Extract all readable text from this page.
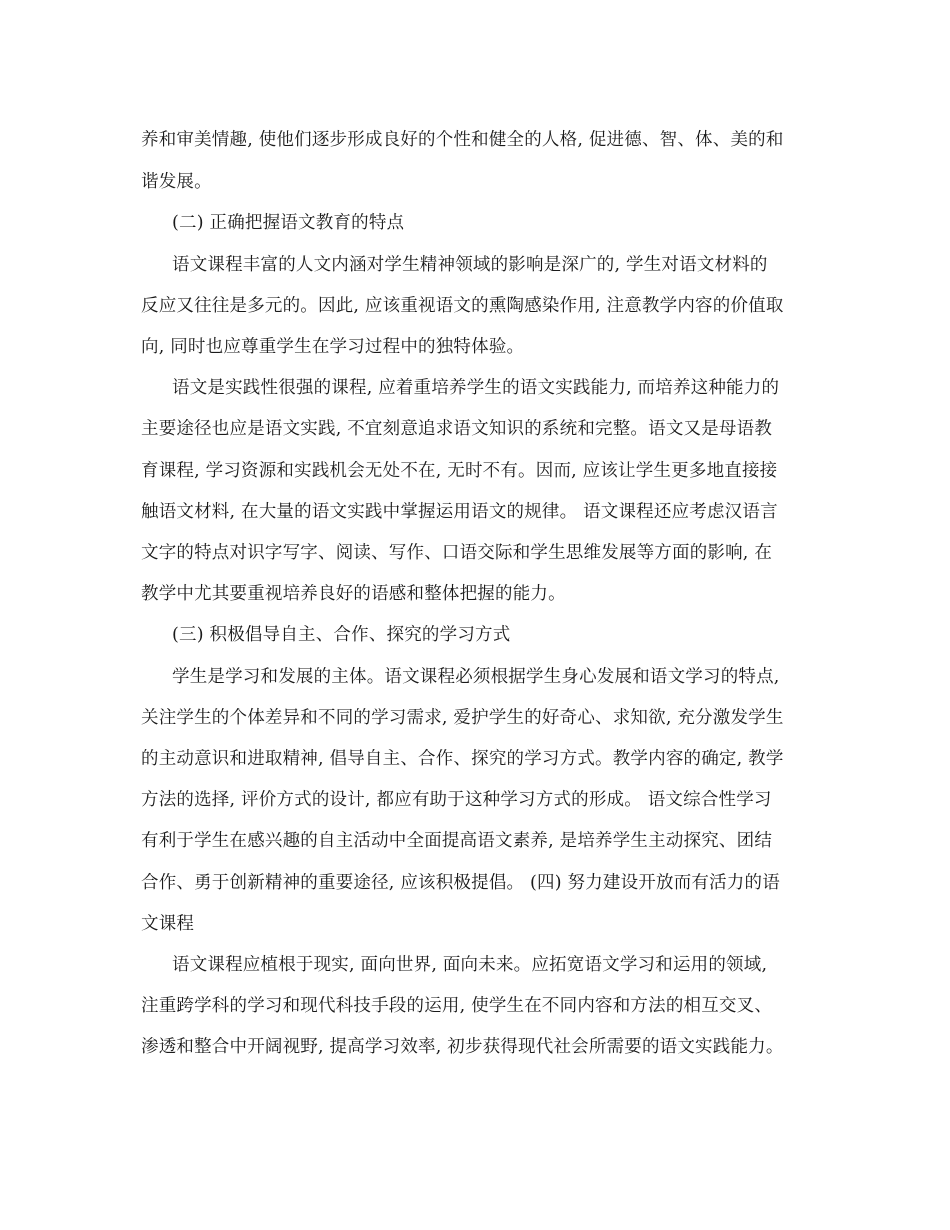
养和审美情趣, 使他们逐步形成良好的个性和健全的人格, 促进德、智、体、美的和

谐发展。

(二) 正确把握语文教育的特点

语文课程丰富的人文内涵对学生精神领域的影响是深广的, 学生对语文材料的

反应又往往是多元的。因此, 应该重视语文的熏陶感染作用, 注意教学内容的价值取

向, 同时也应尊重学生在学习过程中的独特体验。

语文是实践性很强的课程, 应着重培养学生的语文实践能力, 而培养这种能力的

主要途径也应是语文实践, 不宜刻意追求语文知识的系统和完整。语文又是母语教

育课程, 学习资源和实践机会无处不在, 无时不有。因而, 应该让学生更多地直接接

触语文材料, 在大量的语文实践中掌握运用语文的规律。 语文课程还应考虑汉语言

文字的特点对识字写字、阅读、写作、口语交际和学生思维发展等方面的影响, 在

教学中尤其要重视培养良好的语感和整体把握的能力。

(三) 积极倡导自主、合作、探究的学习方式

学生是学习和发展的主体。语文课程必须根据学生身心发展和语文学习的特点,

关注学生的个体差异和不同的学习需求, 爱护学生的好奇心、求知欲, 充分激发学生

的主动意识和进取精神, 倡导自主、合作、探究的学习方式。教学内容的确定, 教学

方法的选择, 评价方式的设计, 都应有助于这种学习方式的形成。 语文综合性学习

有利于学生在感兴趣的自主活动中全面提高语文素养, 是培养学生主动探究、团结

合作、勇于创新精神的重要途径, 应该积极提倡。 (四) 努力建设开放而有活力的语

文课程

语文课程应植根于现实, 面向世界, 面向未来。应拓宽语文学习和运用的领域,

注重跨学科的学习和现代科技手段的运用, 使学生在不同内容和方法的相互交叉、

渗透和整合中开阔视野, 提高学习效率, 初步获得现代社会所需要的语文实践能力。
